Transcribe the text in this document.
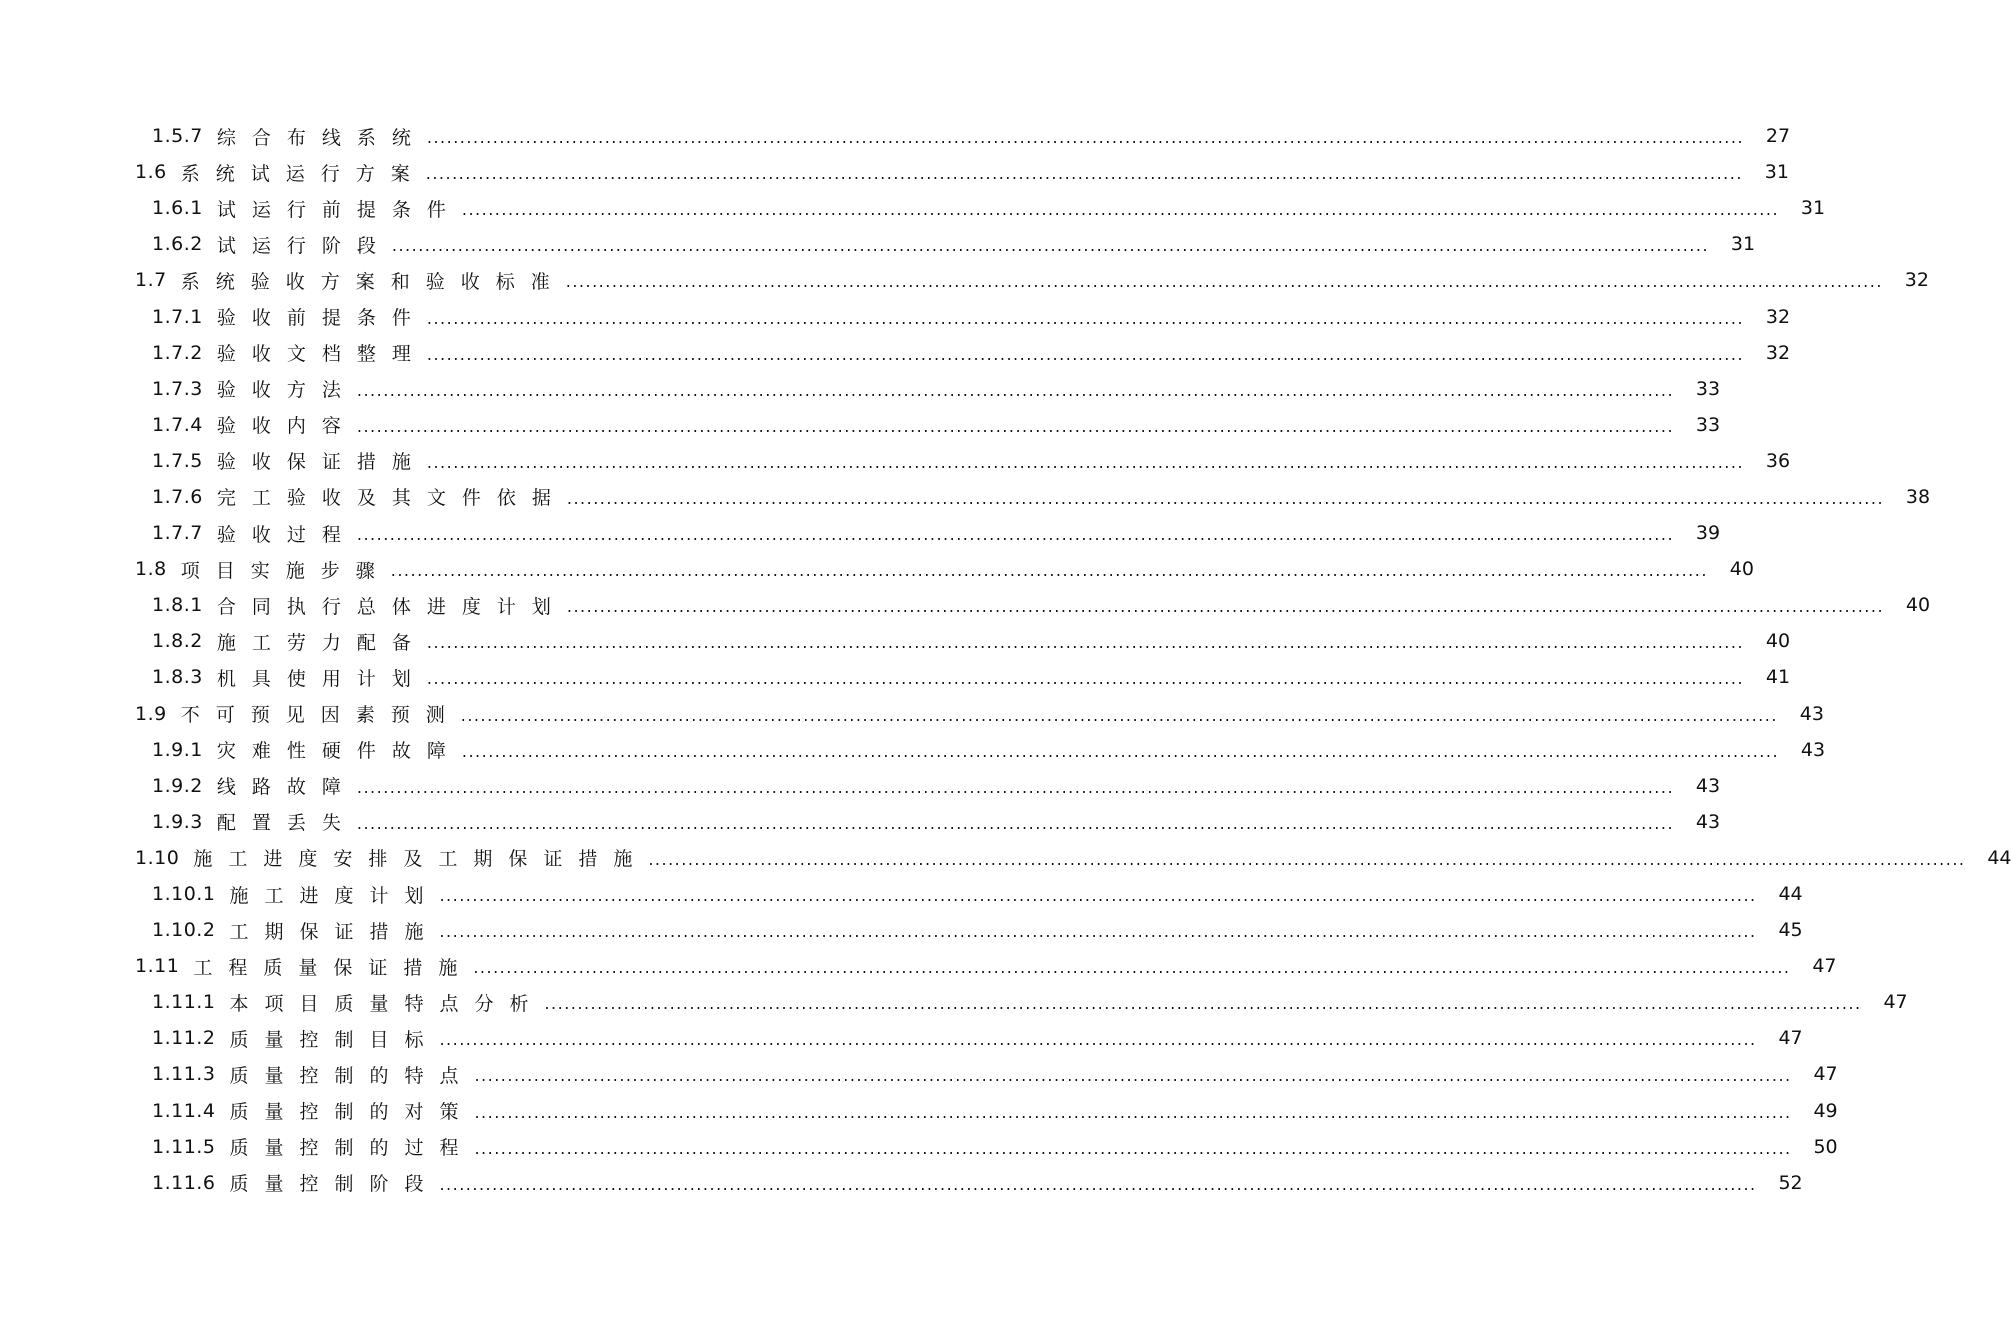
1.5.7 综合布线系统 ........................................................................................................................................................................................................ 27
1.6 系统试运行方案 ........................................................................................................................................................................................................ 31
1.6.1 试运行前提条件 ........................................................................................................................................................................................................ 31
1.6.2 试运行阶段 ........................................................................................................................................................................................................ 31
1.7 系统验收方案和验收标准 ........................................................................................................................................................................................................ 32
1.7.1 验收前提条件 ........................................................................................................................................................................................................ 32
1.7.2 验收文档整理 ........................................................................................................................................................................................................ 32
1.7.3 验收方法 ........................................................................................................................................................................................................ 33
1.7.4 验收内容 ........................................................................................................................................................................................................ 33
1.7.5 验收保证措施 ........................................................................................................................................................................................................ 36
1.7.6 完工验收及其文件依据 ........................................................................................................................................................................................................ 38
1.7.7 验收过程 ........................................................................................................................................................................................................ 39
1.8 项目实施步骤 ........................................................................................................................................................................................................ 40
1.8.1 合同执行总体进度计划 ........................................................................................................................................................................................................ 40
1.8.2 施工劳力配备 ........................................................................................................................................................................................................ 40
1.8.3 机具使用计划 ........................................................................................................................................................................................................ 41
1.9 不可预见因素预测 ........................................................................................................................................................................................................ 43
1.9.1 灾难性硬件故障 ........................................................................................................................................................................................................ 43
1.9.2 线路故障 ........................................................................................................................................................................................................ 43
1.9.3 配置丢失 ........................................................................................................................................................................................................ 43
1.10 施工进度安排及工期保证措施 ........................................................................................................................................................................................................ 44
1.10.1 施工进度计划 ........................................................................................................................................................................................................ 44
1.10.2 工期保证措施 ........................................................................................................................................................................................................ 45
1.11 工程质量保证措施 ........................................................................................................................................................................................................ 47
1.11.1 本项目质量特点分析 ........................................................................................................................................................................................................ 47
1.11.2 质量控制目标 ........................................................................................................................................................................................................ 47
1.11.3 质量控制的特点 ........................................................................................................................................................................................................ 47
1.11.4 质量控制的对策 ........................................................................................................................................................................................................ 49
1.11.5 质量控制的过程 ........................................................................................................................................................................................................ 50
1.11.6 质量控制阶段 ........................................................................................................................................................................................................ 52
